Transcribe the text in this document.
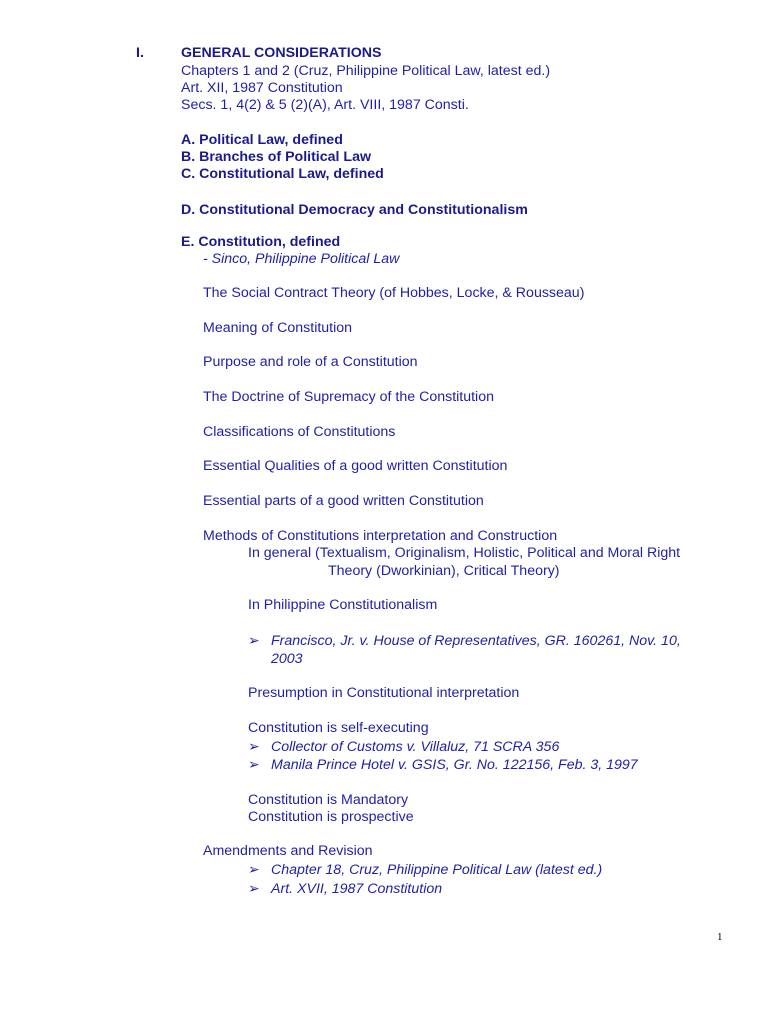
I.	GENERAL CONSIDERATIONS
Chapters 1 and 2 (Cruz, Philippine Political Law, latest ed.)
Art. XII, 1987 Constitution
Secs. 1, 4(2) & 5 (2)(A), Art. VIII, 1987 Consti.
A. Political Law, defined
B. Branches of Political Law
C. Constitutional Law, defined
D. Constitutional Democracy and Constitutionalism
E. Constitution, defined
- Sinco, Philippine Political Law
The Social Contract Theory (of Hobbes, Locke, & Rousseau)
Meaning of Constitution
Purpose and role of a Constitution
The Doctrine of Supremacy of the Constitution
Classifications of Constitutions
Essential Qualities of a good written Constitution
Essential parts of a good written Constitution
Methods of Constitutions interpretation and Construction
In general (Textualism, Originalism, Holistic, Political and Moral Right
Theory (Dworkinian), Critical Theory)
In Philippine Constitutionalism
➢ Francisco, Jr. v. House of Representatives, GR. 160261, Nov. 10,
2003
Presumption in Constitutional interpretation
Constitution is self-executing
➢ Collector of Customs v. Villaluz, 71 SCRA 356
➢ Manila Prince Hotel v. GSIS, Gr. No. 122156, Feb. 3, 1997
Constitution is Mandatory
Constitution is prospective
Amendments and Revision
➢ Chapter 18, Cruz, Philippine Political Law (latest ed.)
➢ Art. XVII, 1987 Constitution
1
